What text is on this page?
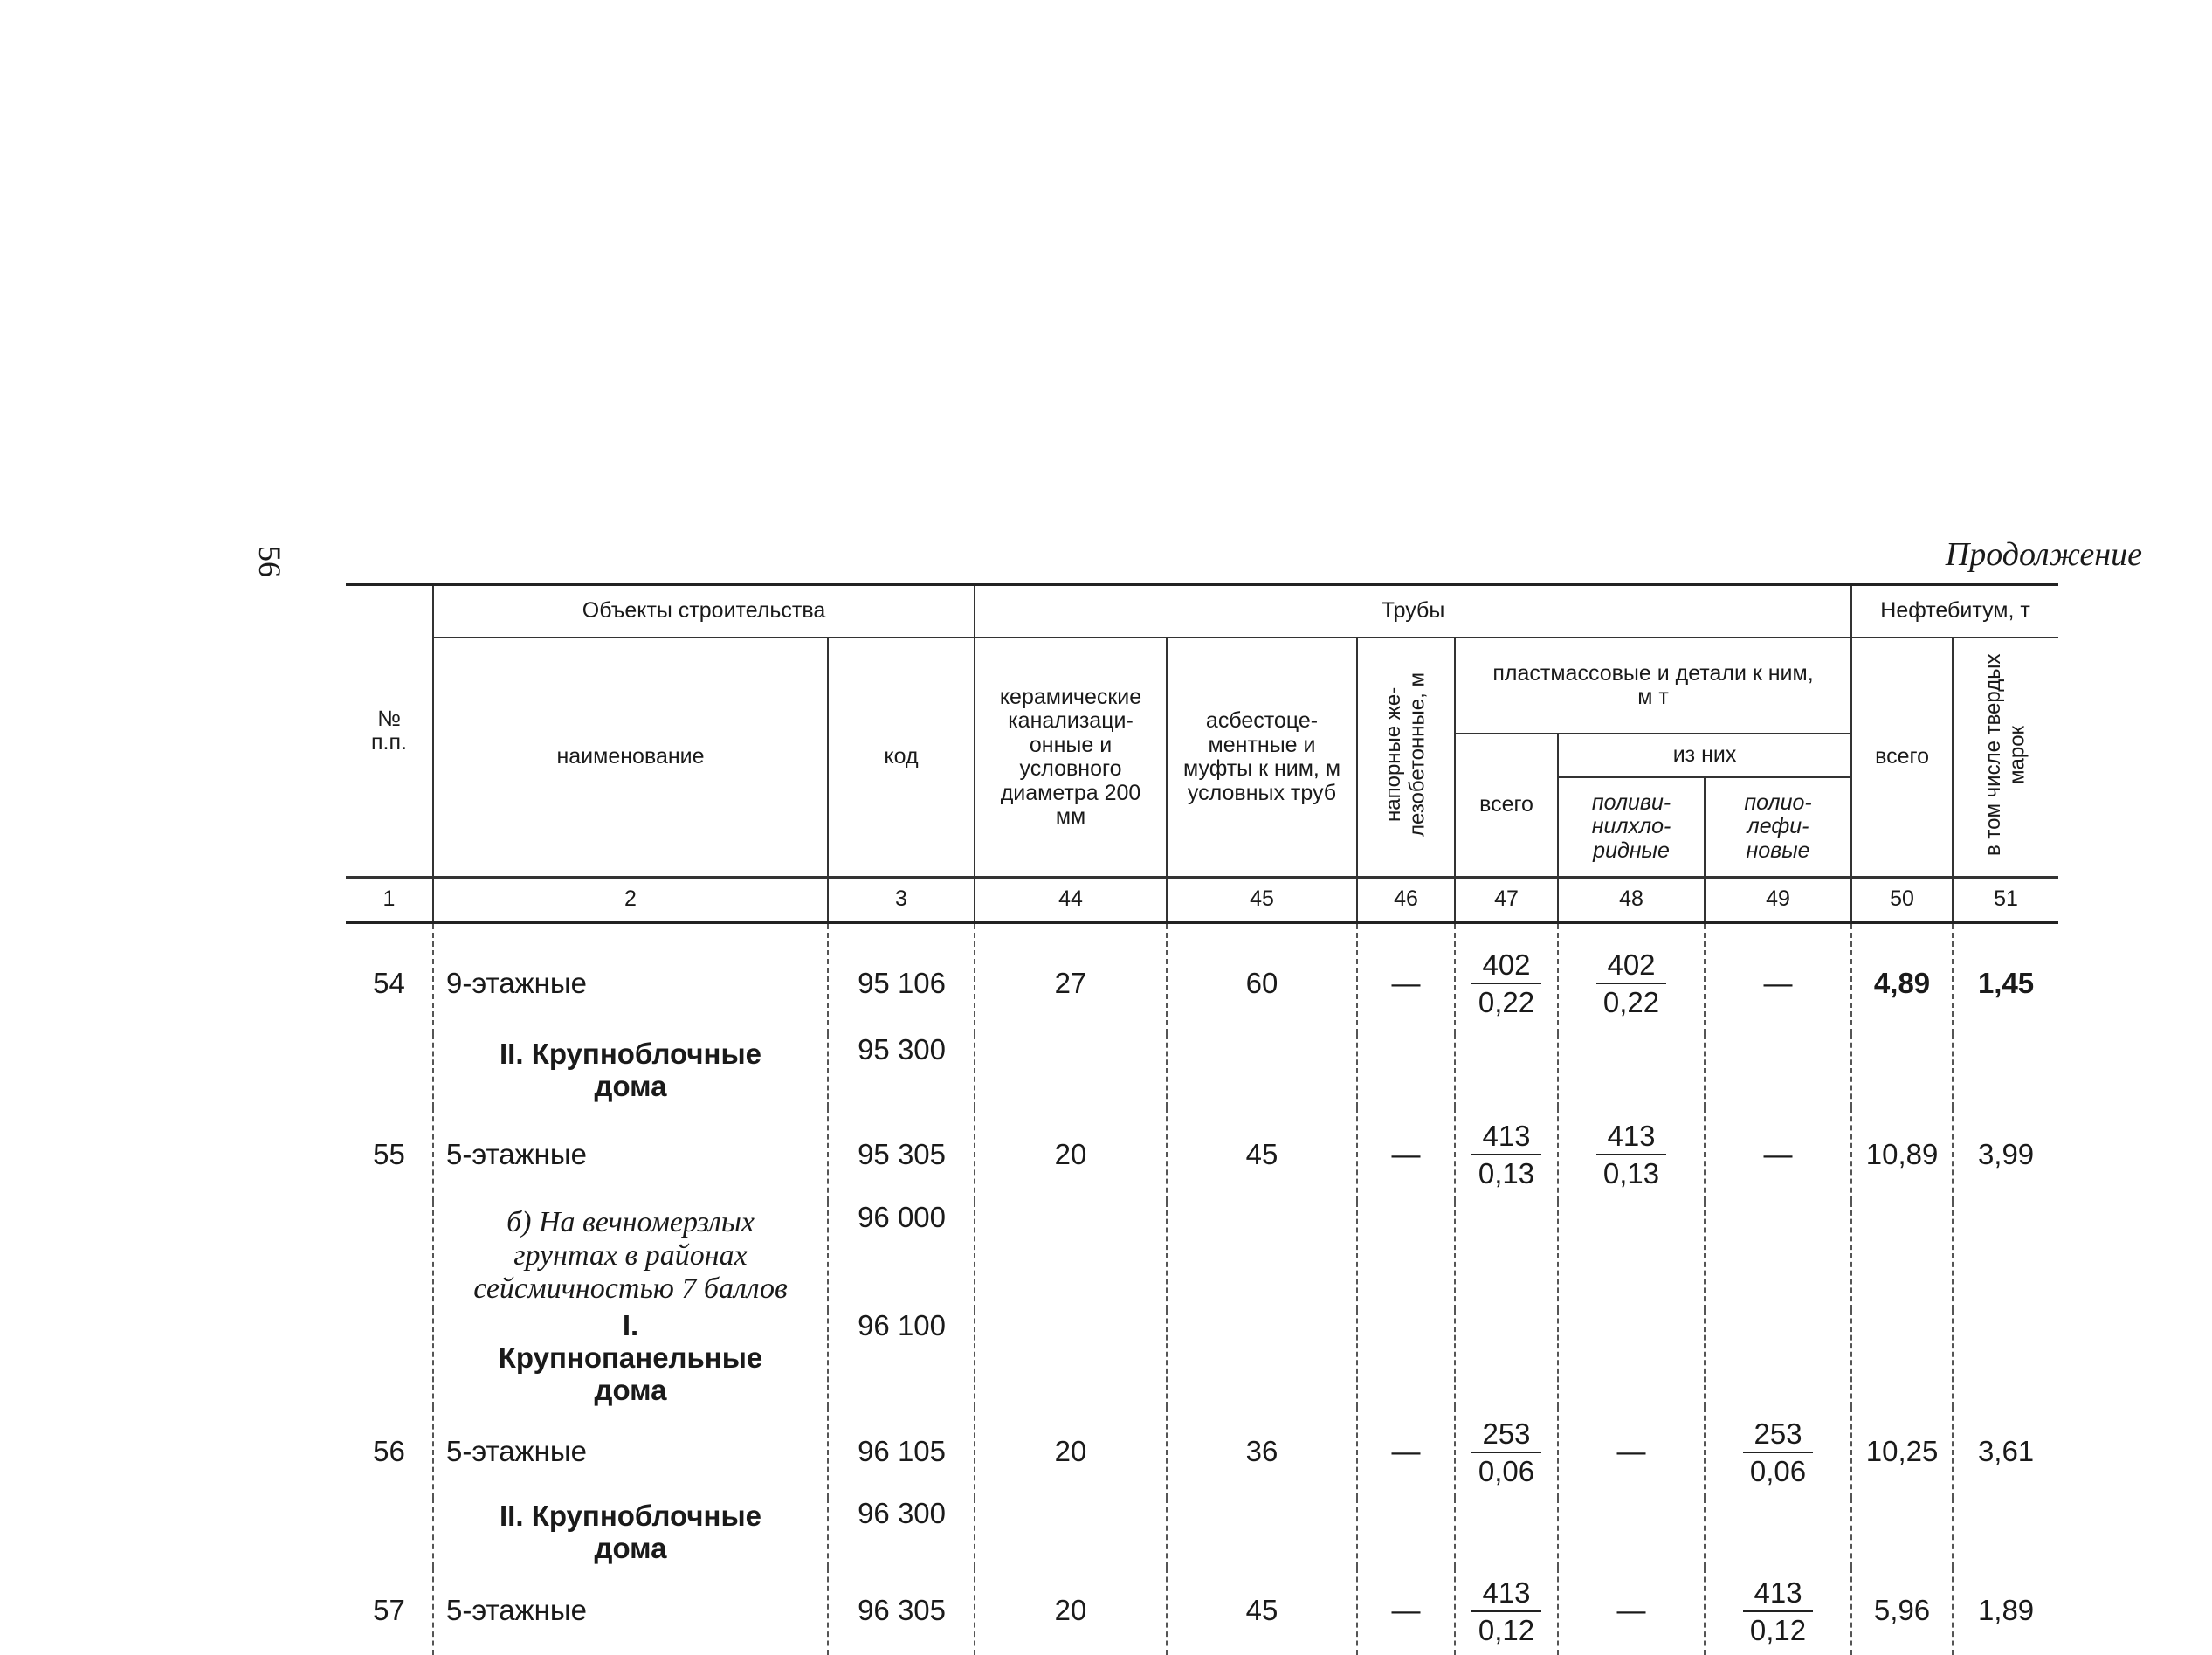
56	Продолжение
№
п.п.	Объекты строительства		Трубы						Нефтебитум, т	
	наименование	код	керамические канализаци-онные и условного диаметра 200 мм	асбестоце-ментные и муфты к ним, м условных труб	напорные же-лезобетонные, м	пластмассовые и детали к ним, м т			всего	в том числе твердых марок
						всего	из них			
							поливи-нилхло-ридные	полио-лефи-новые		
1	2	3	44	45	46	47	48	49	50	51
54	9-этажные	95 106	27	60	—	$\frac{402}{0,22}$	$\frac{402}{0,22}$	—	4,89	1,45
	II. Крупноблочные дома	95 300								
55	5-этажные	95 305	20	45	—	$\frac{413}{0,13}$	$\frac{413}{0,13}$	—	10,89	3,99
	б) На вечномерзлых грунтах в районах сейсмичностью 7 баллов	96 000								
	I. Крупнопанельные дома	96 100								
56	5-этажные	96 105	20	36	—	$\frac{253}{0,06}$	—	$\frac{253}{0,06}$	10,25	3,61
	II. Крупноблочные дома	96 300								
57	5-этажные	96 305	20	45	—	$\frac{413}{0,12}$	—	$\frac{413}{0,12}$	5,96	1,89
